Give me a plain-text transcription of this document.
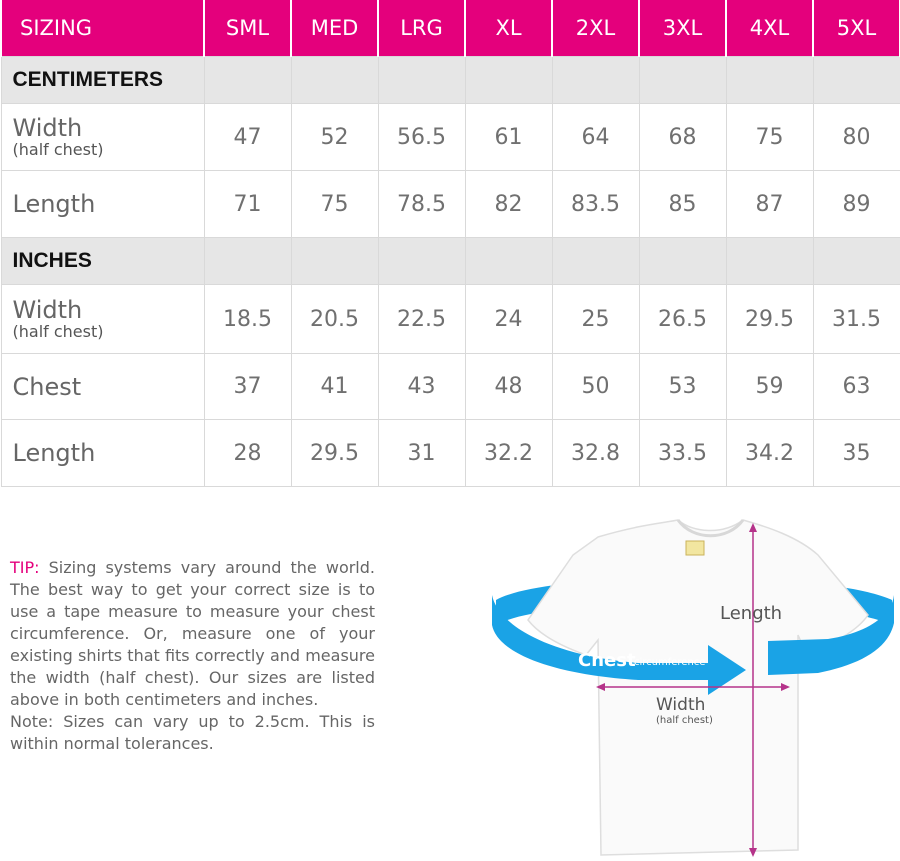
SIZING	SML	MED	LRG	XL	2XL	3XL	4XL	5XL
CENTIMETERS								

Width
(half chest)	47	52	56.5	61	64	68	75	80

Length	71	75	78.5	82	83.5	85	87	89
INCHES								

Width
(half chest)	18.5	20.5	22.5	24	25	26.5	29.5	31.5

Chest	37	41	43	48	50	53	59	63

Length	28	29.5	31	32.2	32.8	33.5	34.2	35

TIP: Sizing systems vary around the world. The best way to get your correct size is to use a tape measure to measure your chest circumference. Or, measure one of your existing shirts that fits correctly and measure the width (half chest). Our sizes are listed above in both centimeters and inches.

Note: Sizes can vary up to 2.5cm. This is within normal tolerances.

Length
Chest
circumference
Width
(half chest)
